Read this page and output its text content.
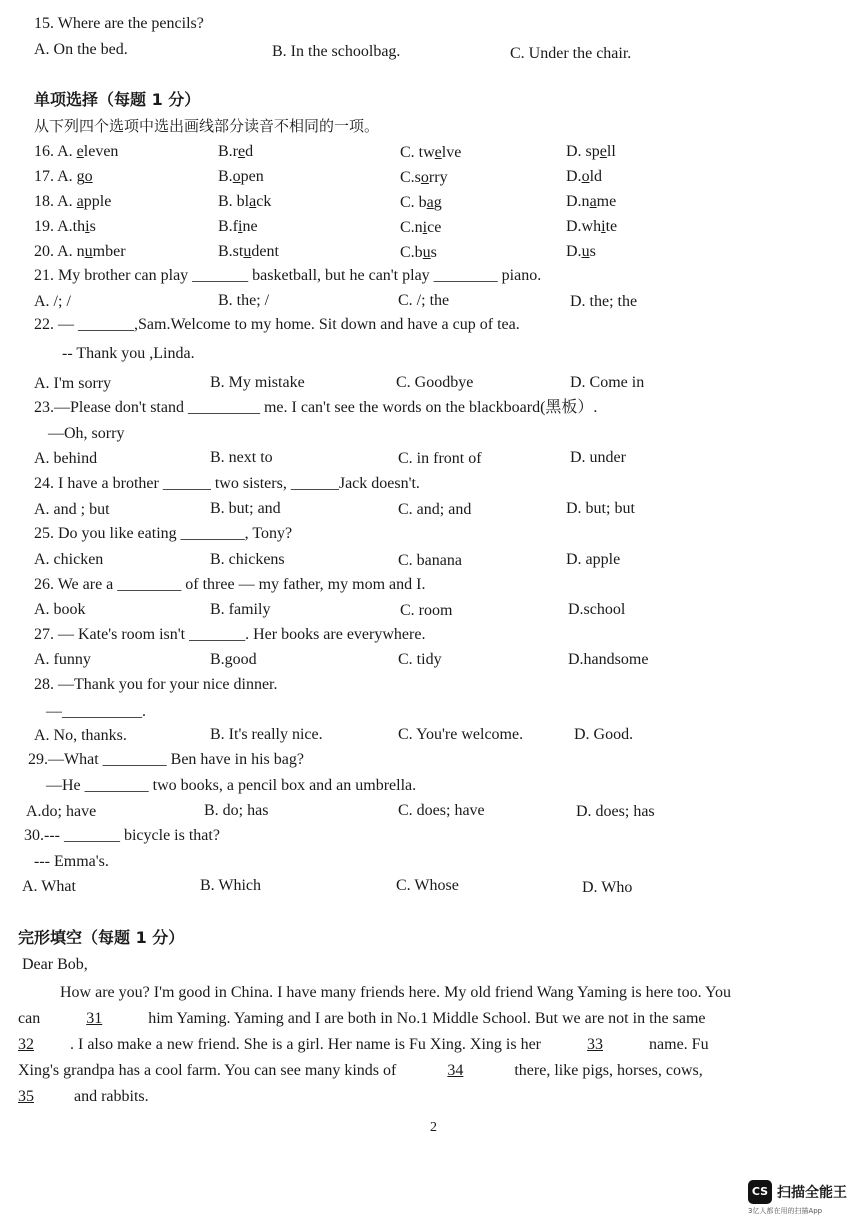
15. Where are the pencils?
A. On the bed.	B. In the schoolbag.	C. Under the chair.
单项选择（每题 1 分）
从下列四个选项中选出画线部分读音不相同的一项。
16. A. eleven	B.red	C. twelve	D. spell
17. A. go	B.open	C.sorry	D.old
18. A. apple	B. black	C. bag	D.name
19. A.this	B.fine	C.nice	D.white
20. A. number	B.student	C.bus	D.us
21. My brother can play _______ basketball, but he can't play ________ piano.
A. /; /	B. the; /	C. /; the	D. the; the
22. — _______,Sam.Welcome to my home. Sit down and have a cup of tea.
-- Thank you ,Linda.
A. I'm sorry	B. My mistake	C. Goodbye	D. Come in
23.—Please don't stand _________ me. I can't see the words on the blackboard(黑板）.
—Oh, sorry
A. behind	B. next to	C. in front of	D. under
24. I have a brother ______ two sisters, ______Jack doesn't.
A. and ; but	B. but; and	C. and; and	D. but; but
25. Do you like eating ________, Tony?
A. chicken	B. chickens	C. banana	D. apple
26. We are a ________ of three — my father, my mom and I.
A. book	B. family	C. room	D.school
27. — Kate's room isn't _______. Her books are everywhere.
A. funny	B.good	C. tidy	D.handsome
28. —Thank you for your nice dinner.
—__________.
A. No, thanks.	B. It's really nice.	C. You're welcome.	D. Good.
29.—What ________ Ben have in his bag?
—He ________ two books, a pencil box and an umbrella.
A.do; have	B. do; has	C. does; have	D. does; has
30.--- _______ bicycle is that?
--- Emma's.
A. What	B. Which	C. Whose	D. Who
完形填空（每题 1 分）
Dear Bob,
How are you? I'm good in China. I have many friends here. My old friend Wang Yaming is here too. You
can	31	him Yaming. Yaming and I are both in No.1 Middle School. But we are not in the same
32 . I also make a new friend. She is a girl. Her name is Fu Xing. Xing is her	33	name. Fu
Xing's grandpa has a cool farm. You can see many kinds of	34	there, like pigs, horses, cows,
35 and rabbits.
2
CS 扫描全能王
3亿人都在用的扫描App
